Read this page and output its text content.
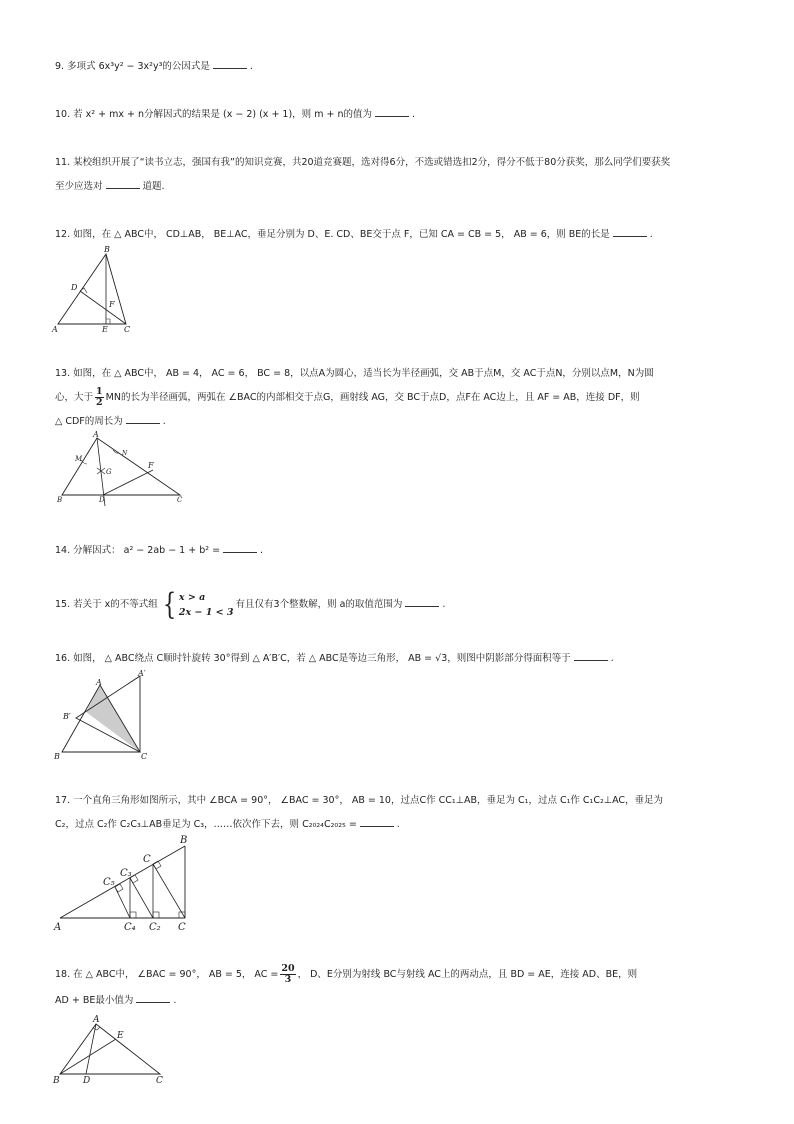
9. 多项式 6x³y² − 3x²y³的公因式是	.
10. 若 x² + mx + n分解因式的结果是 (x − 2) (x + 1)，则 m + n的值为	.
11. 某校组织开展了“读书立志，强国有我”的知识竞赛，共20道竞赛题，选对得6分，不选或错选扣2分，得分不低于80分获奖，那么同学们要获奖
至少应选对	道题.
12. 如图，在 △ ABC中， CD⊥AB， BE⊥AC，垂足分别为 D、E. CD、BE交于点 F，已知 CA = CB = 5， AB = 6，则 BE的长是	.
B
D
F
A	E C
13. 如图，在 △ ABC中， AB = 4， AC = 6， BC = 8，以点A为圆心，适当长为半径画弧，交 AB于点M，交 AC于点N，分别以点M，N为圆
心，大于 $\frac{1}{2}$ MN的长为半径画弧，两弧在 ∠BAC的内部相交于点G，画射线 AG，交 BC于点D，点F在 AC边上，且 AF = AB，连接 DF，则
△ CDF的周长为	.
A
M
N
G
F
B	D	C
14. 分解因式： a² − 2ab − 1 + b² =	.
15. 若关于 x的不等式组 { x > a
2x − 1 < 3
有且仅有3个整数解，则 a的取值范围为	.
16. 如图， △ ABC绕点 C顺时针旋转 30°得到 △ A′B′C，若 △ ABC是等边三角形， AB = √3，则图中阴影部分得面积等于	.
A
A′
B′
B	C
17. 一个直角三角形如图所示，其中 ∠BCA = 90°， ∠BAC = 30°， AB = 10，过点C作 CC₁⊥AB，垂足为 C₁，过点 C₁作 C₁C₂⊥AC，垂足为
C₂，过点 C₂作 C₂C₃⊥AB垂足为 C₃，……依次作下去，则 C₂₀₂₄C₂₀₂₅ =	.
B
C
C₃
C₅
A	C₄ C₂ C
18. 在 △ ABC中， ∠BAC = 90°， AB = 5， AC = $\frac{20}{3}$ ， D、E分别为射线 BC与射线 AC上的两动点，且 BD = AE，连接 AD、BE，则
AD + BE最小值为	.
A
E
B	D	C
